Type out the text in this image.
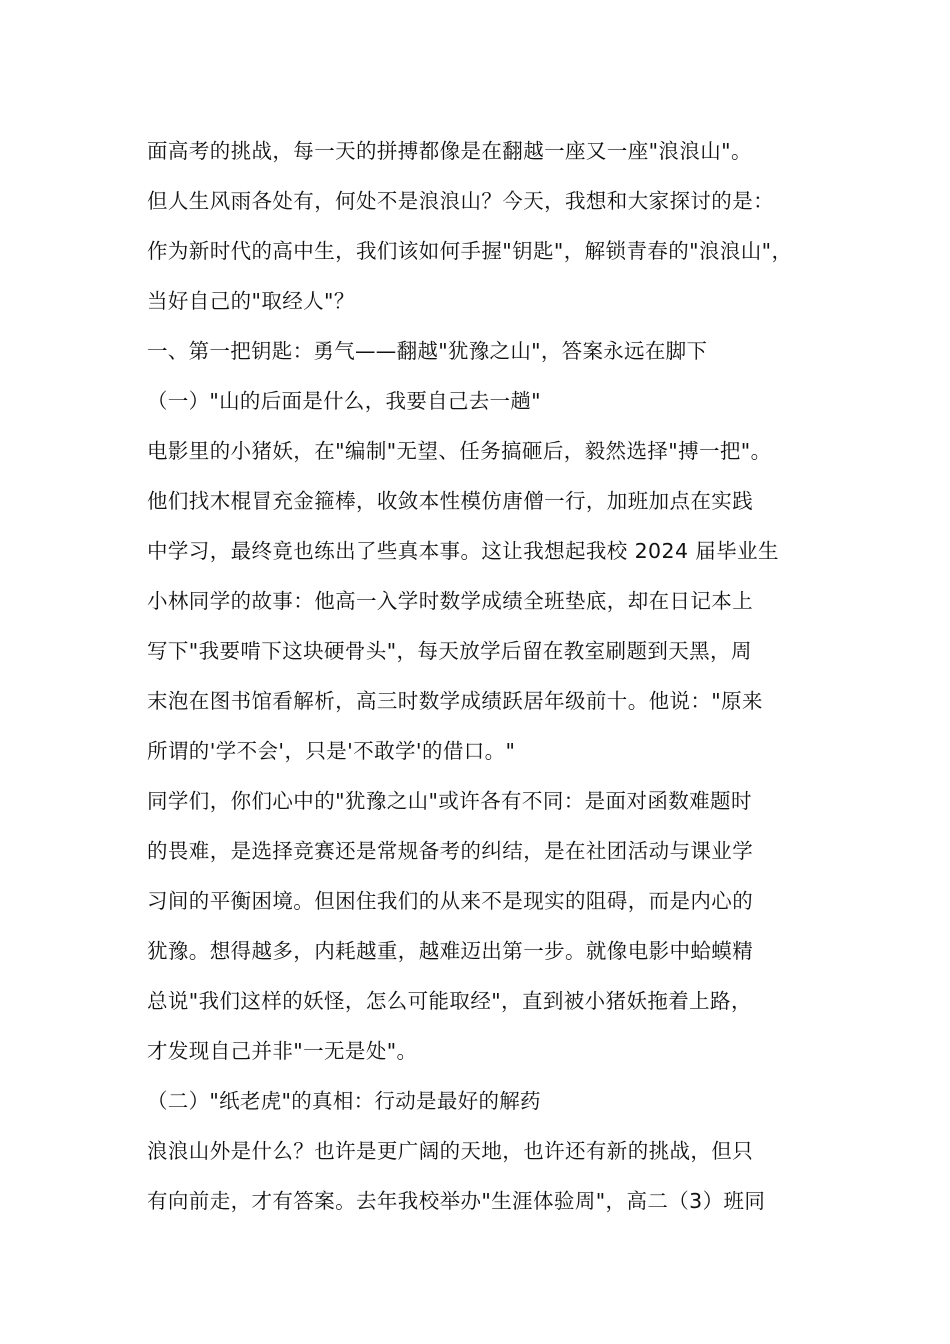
面高考的挑战，每一天的拼搏都像是在翻越一座又一座"浪浪山"。
但人生风雨各处有，何处不是浪浪山？今天，我想和大家探讨的是：
作为新时代的高中生，我们该如何手握"钥匙"，解锁青春的"浪浪山"，
当好自己的"取经人"？
一、第一把钥匙：勇气——翻越"犹豫之山"，答案永远在脚下
（一）"山的后面是什么，我要自己去一趟"
电影里的小猪妖，在"编制"无望、任务搞砸后，毅然选择"搏一把"。
他们找木棍冒充金箍棒，收敛本性模仿唐僧一行，加班加点在实践
中学习，最终竟也练出了些真本事。这让我想起我校 2024 届毕业生
小林同学的故事：他高一入学时数学成绩全班垫底，却在日记本上
写下"我要啃下这块硬骨头"，每天放学后留在教室刷题到天黑，周
末泡在图书馆看解析，高三时数学成绩跃居年级前十。他说："原来
所谓的'学不会'，只是'不敢学'的借口。"
同学们，你们心中的"犹豫之山"或许各有不同：是面对函数难题时
的畏难，是选择竞赛还是常规备考的纠结，是在社团活动与课业学
习间的平衡困境。但困住我们的从来不是现实的阻碍，而是内心的
犹豫。想得越多，内耗越重，越难迈出第一步。就像电影中蛤蟆精
总说"我们这样的妖怪，怎么可能取经"，直到被小猪妖拖着上路，
才发现自己并非"一无是处"。
（二）"纸老虎"的真相：行动是最好的解药
浪浪山外是什么？也许是更广阔的天地，也许还有新的挑战，但只
有向前走，才有答案。去年我校举办"生涯体验周"，高二（3）班同
